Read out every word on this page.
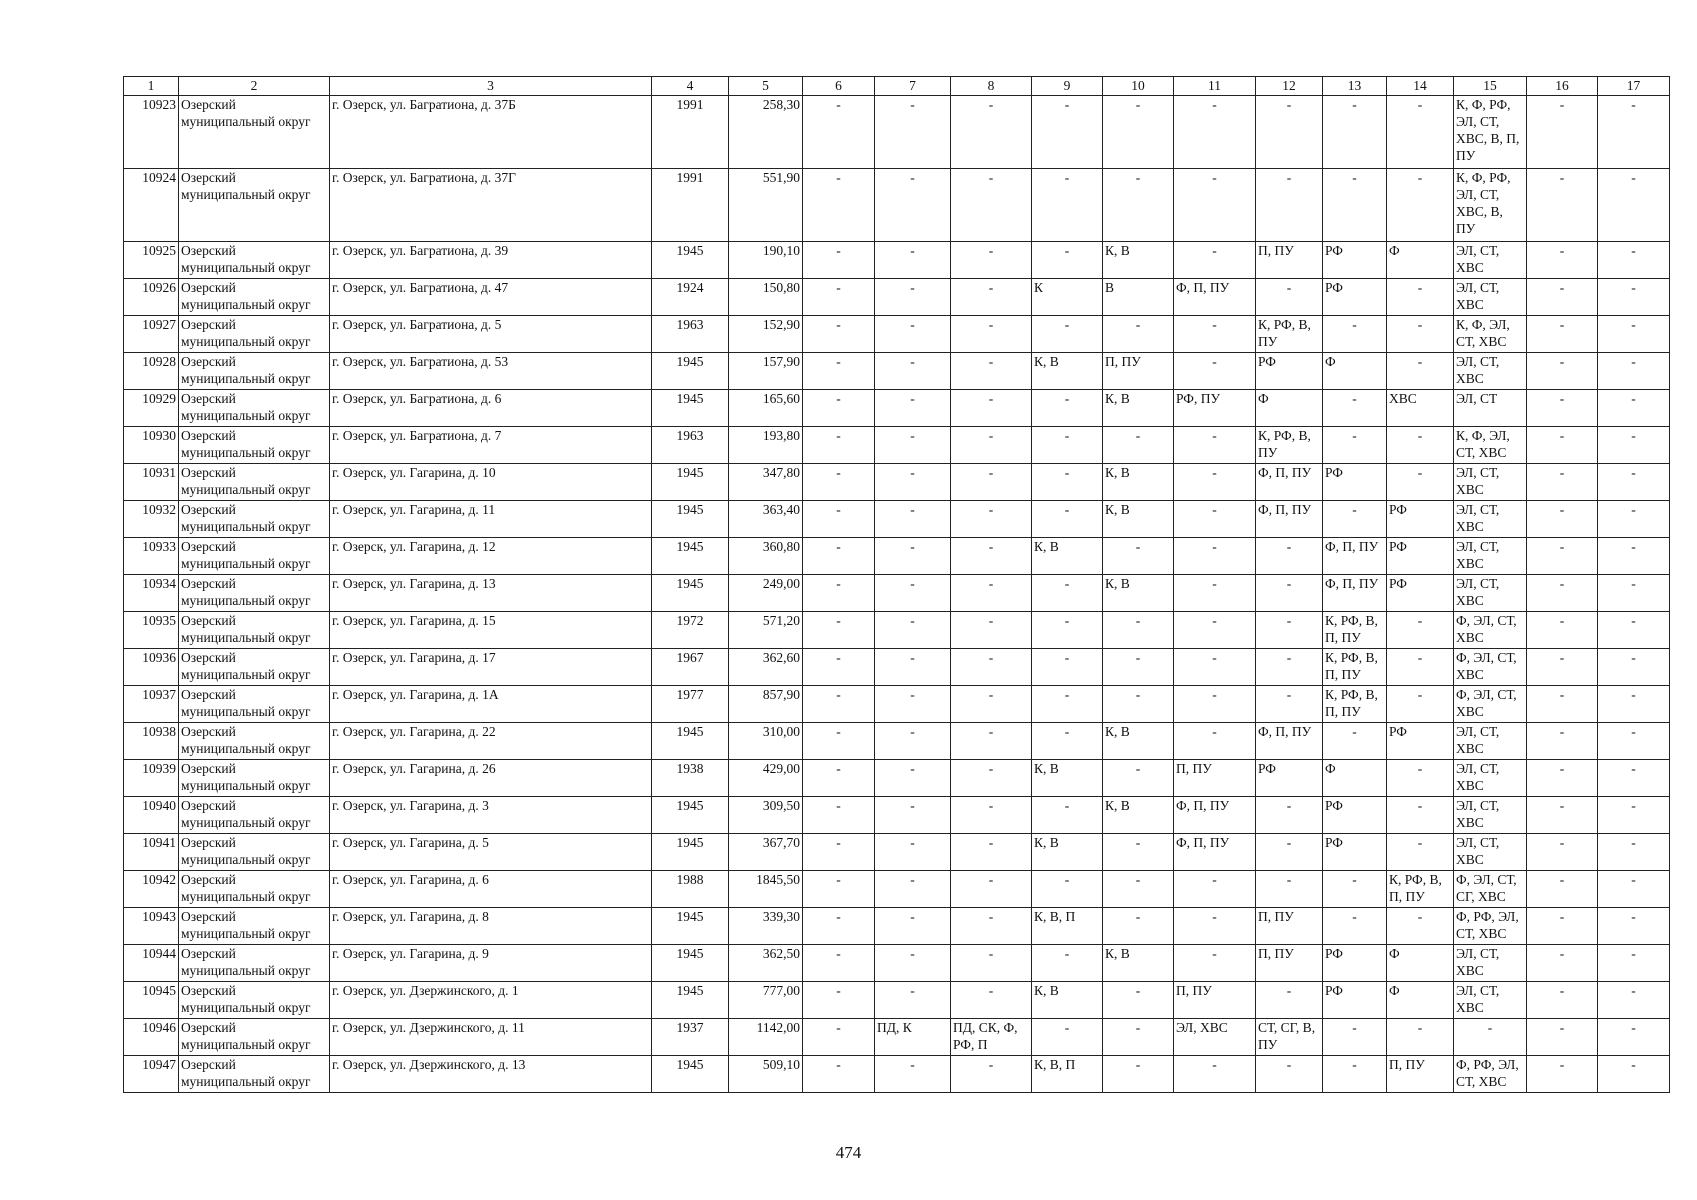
1	2	3	4	5	6	7	8	9	10	11	12	13	14	15	16	17
10923	Озерский муниципальный округ	г. Озерск, ул. Багратиона, д. 37Б	1991	258,30	-	-	-	-	-	-	-	-	-	К, Ф, РФ, ЭЛ, СТ, ХВС, В, П, ПУ	-	-
10924	Озерский муниципальный округ	г. Озерск, ул. Багратиона, д. 37Г	1991	551,90	-	-	-	-	-	-	-	-	-	К, Ф, РФ, ЭЛ, СТ, ХВС, В, ПУ	-	-
10925	Озерский муниципальный округ	г. Озерск, ул. Багратиона, д. 39	1945	190,10	-	-	-	-	К, В	-	П, ПУ	РФ	Ф	ЭЛ, СТ, ХВС	-	-
10926	Озерский муниципальный округ	г. Озерск, ул. Багратиона, д. 47	1924	150,80	-	-	-	К	В	Ф, П, ПУ	-	РФ	-	ЭЛ, СТ, ХВС	-	-
10927	Озерский муниципальный округ	г. Озерск, ул. Багратиона, д. 5	1963	152,90	-	-	-	-	-	-	К, РФ, В, ПУ	-	-	К, Ф, ЭЛ, СТ, ХВС	-	-
10928	Озерский муниципальный округ	г. Озерск, ул. Багратиона, д. 53	1945	157,90	-	-	-	К, В	П, ПУ	-	РФ	Ф	-	ЭЛ, СТ, ХВС	-	-
10929	Озерский муниципальный округ	г. Озерск, ул. Багратиона, д. 6	1945	165,60	-	-	-	-	К, В	РФ, ПУ	Ф	-	ХВС	ЭЛ, СТ	-	-
10930	Озерский муниципальный округ	г. Озерск, ул. Багратиона, д. 7	1963	193,80	-	-	-	-	-	-	К, РФ, В, ПУ	-	-	К, Ф, ЭЛ, СТ, ХВС	-	-
10931	Озерский муниципальный округ	г. Озерск, ул. Гагарина, д. 10	1945	347,80	-	-	-	-	К, В	-	Ф, П, ПУ	РФ	-	ЭЛ, СТ, ХВС	-	-
10932	Озерский муниципальный округ	г. Озерск, ул. Гагарина, д. 11	1945	363,40	-	-	-	-	К, В	-	Ф, П, ПУ	-	РФ	ЭЛ, СТ, ХВС	-	-
10933	Озерский муниципальный округ	г. Озерск, ул. Гагарина, д. 12	1945	360,80	-	-	-	К, В	-	-	-	Ф, П, ПУ	РФ	ЭЛ, СТ, ХВС	-	-
10934	Озерский муниципальный округ	г. Озерск, ул. Гагарина, д. 13	1945	249,00	-	-	-	-	К, В	-	-	Ф, П, ПУ	РФ	ЭЛ, СТ, ХВС	-	-
10935	Озерский муниципальный округ	г. Озерск, ул. Гагарина, д. 15	1972	571,20	-	-	-	-	-	-	-	К, РФ, В, П, ПУ	-	Ф, ЭЛ, СТ, ХВС	-	-
10936	Озерский муниципальный округ	г. Озерск, ул. Гагарина, д. 17	1967	362,60	-	-	-	-	-	-	-	К, РФ, В, П, ПУ	-	Ф, ЭЛ, СТ, ХВС	-	-
10937	Озерский муниципальный округ	г. Озерск, ул. Гагарина, д. 1А	1977	857,90	-	-	-	-	-	-	-	К, РФ, В, П, ПУ	-	Ф, ЭЛ, СТ, ХВС	-	-
10938	Озерский муниципальный округ	г. Озерск, ул. Гагарина, д. 22	1945	310,00	-	-	-	-	К, В	-	Ф, П, ПУ	-	РФ	ЭЛ, СТ, ХВС	-	-
10939	Озерский муниципальный округ	г. Озерск, ул. Гагарина, д. 26	1938	429,00	-	-	-	К, В	-	П, ПУ	РФ	Ф	-	ЭЛ, СТ, ХВС	-	-
10940	Озерский муниципальный округ	г. Озерск, ул. Гагарина, д. 3	1945	309,50	-	-	-	-	К, В	Ф, П, ПУ	-	РФ	-	ЭЛ, СТ, ХВС	-	-
10941	Озерский муниципальный округ	г. Озерск, ул. Гагарина, д. 5	1945	367,70	-	-	-	К, В	-	Ф, П, ПУ	-	РФ	-	ЭЛ, СТ, ХВС	-	-
10942	Озерский муниципальный округ	г. Озерск, ул. Гагарина, д. 6	1988	1845,50	-	-	-	-	-	-	-	-	К, РФ, В, П, ПУ	Ф, ЭЛ, СТ, СГ, ХВС	-	-
10943	Озерский муниципальный округ	г. Озерск, ул. Гагарина, д. 8	1945	339,30	-	-	-	К, В, П	-	-	П, ПУ	-	-	Ф, РФ, ЭЛ, СТ, ХВС	-	-
10944	Озерский муниципальный округ	г. Озерск, ул. Гагарина, д. 9	1945	362,50	-	-	-	-	К, В	-	П, ПУ	РФ	Ф	ЭЛ, СТ, ХВС	-	-
10945	Озерский муниципальный округ	г. Озерск, ул. Дзержинского, д. 1	1945	777,00	-	-	-	К, В	-	П, ПУ	-	РФ	Ф	ЭЛ, СТ, ХВС	-	-
10946	Озерский муниципальный округ	г. Озерск, ул. Дзержинского, д. 11	1937	1142,00	-	ПД, К	ПД, СК, Ф, РФ, П	-	-	ЭЛ, ХВС	СТ, СГ, В, ПУ	-	-	-	-	-
10947	Озерский муниципальный округ	г. Озерск, ул. Дзержинского, д. 13	1945	509,10	-	-	-	К, В, П	-	-	-	-	П, ПУ	Ф, РФ, ЭЛ, СТ, ХВС	-	-
474
